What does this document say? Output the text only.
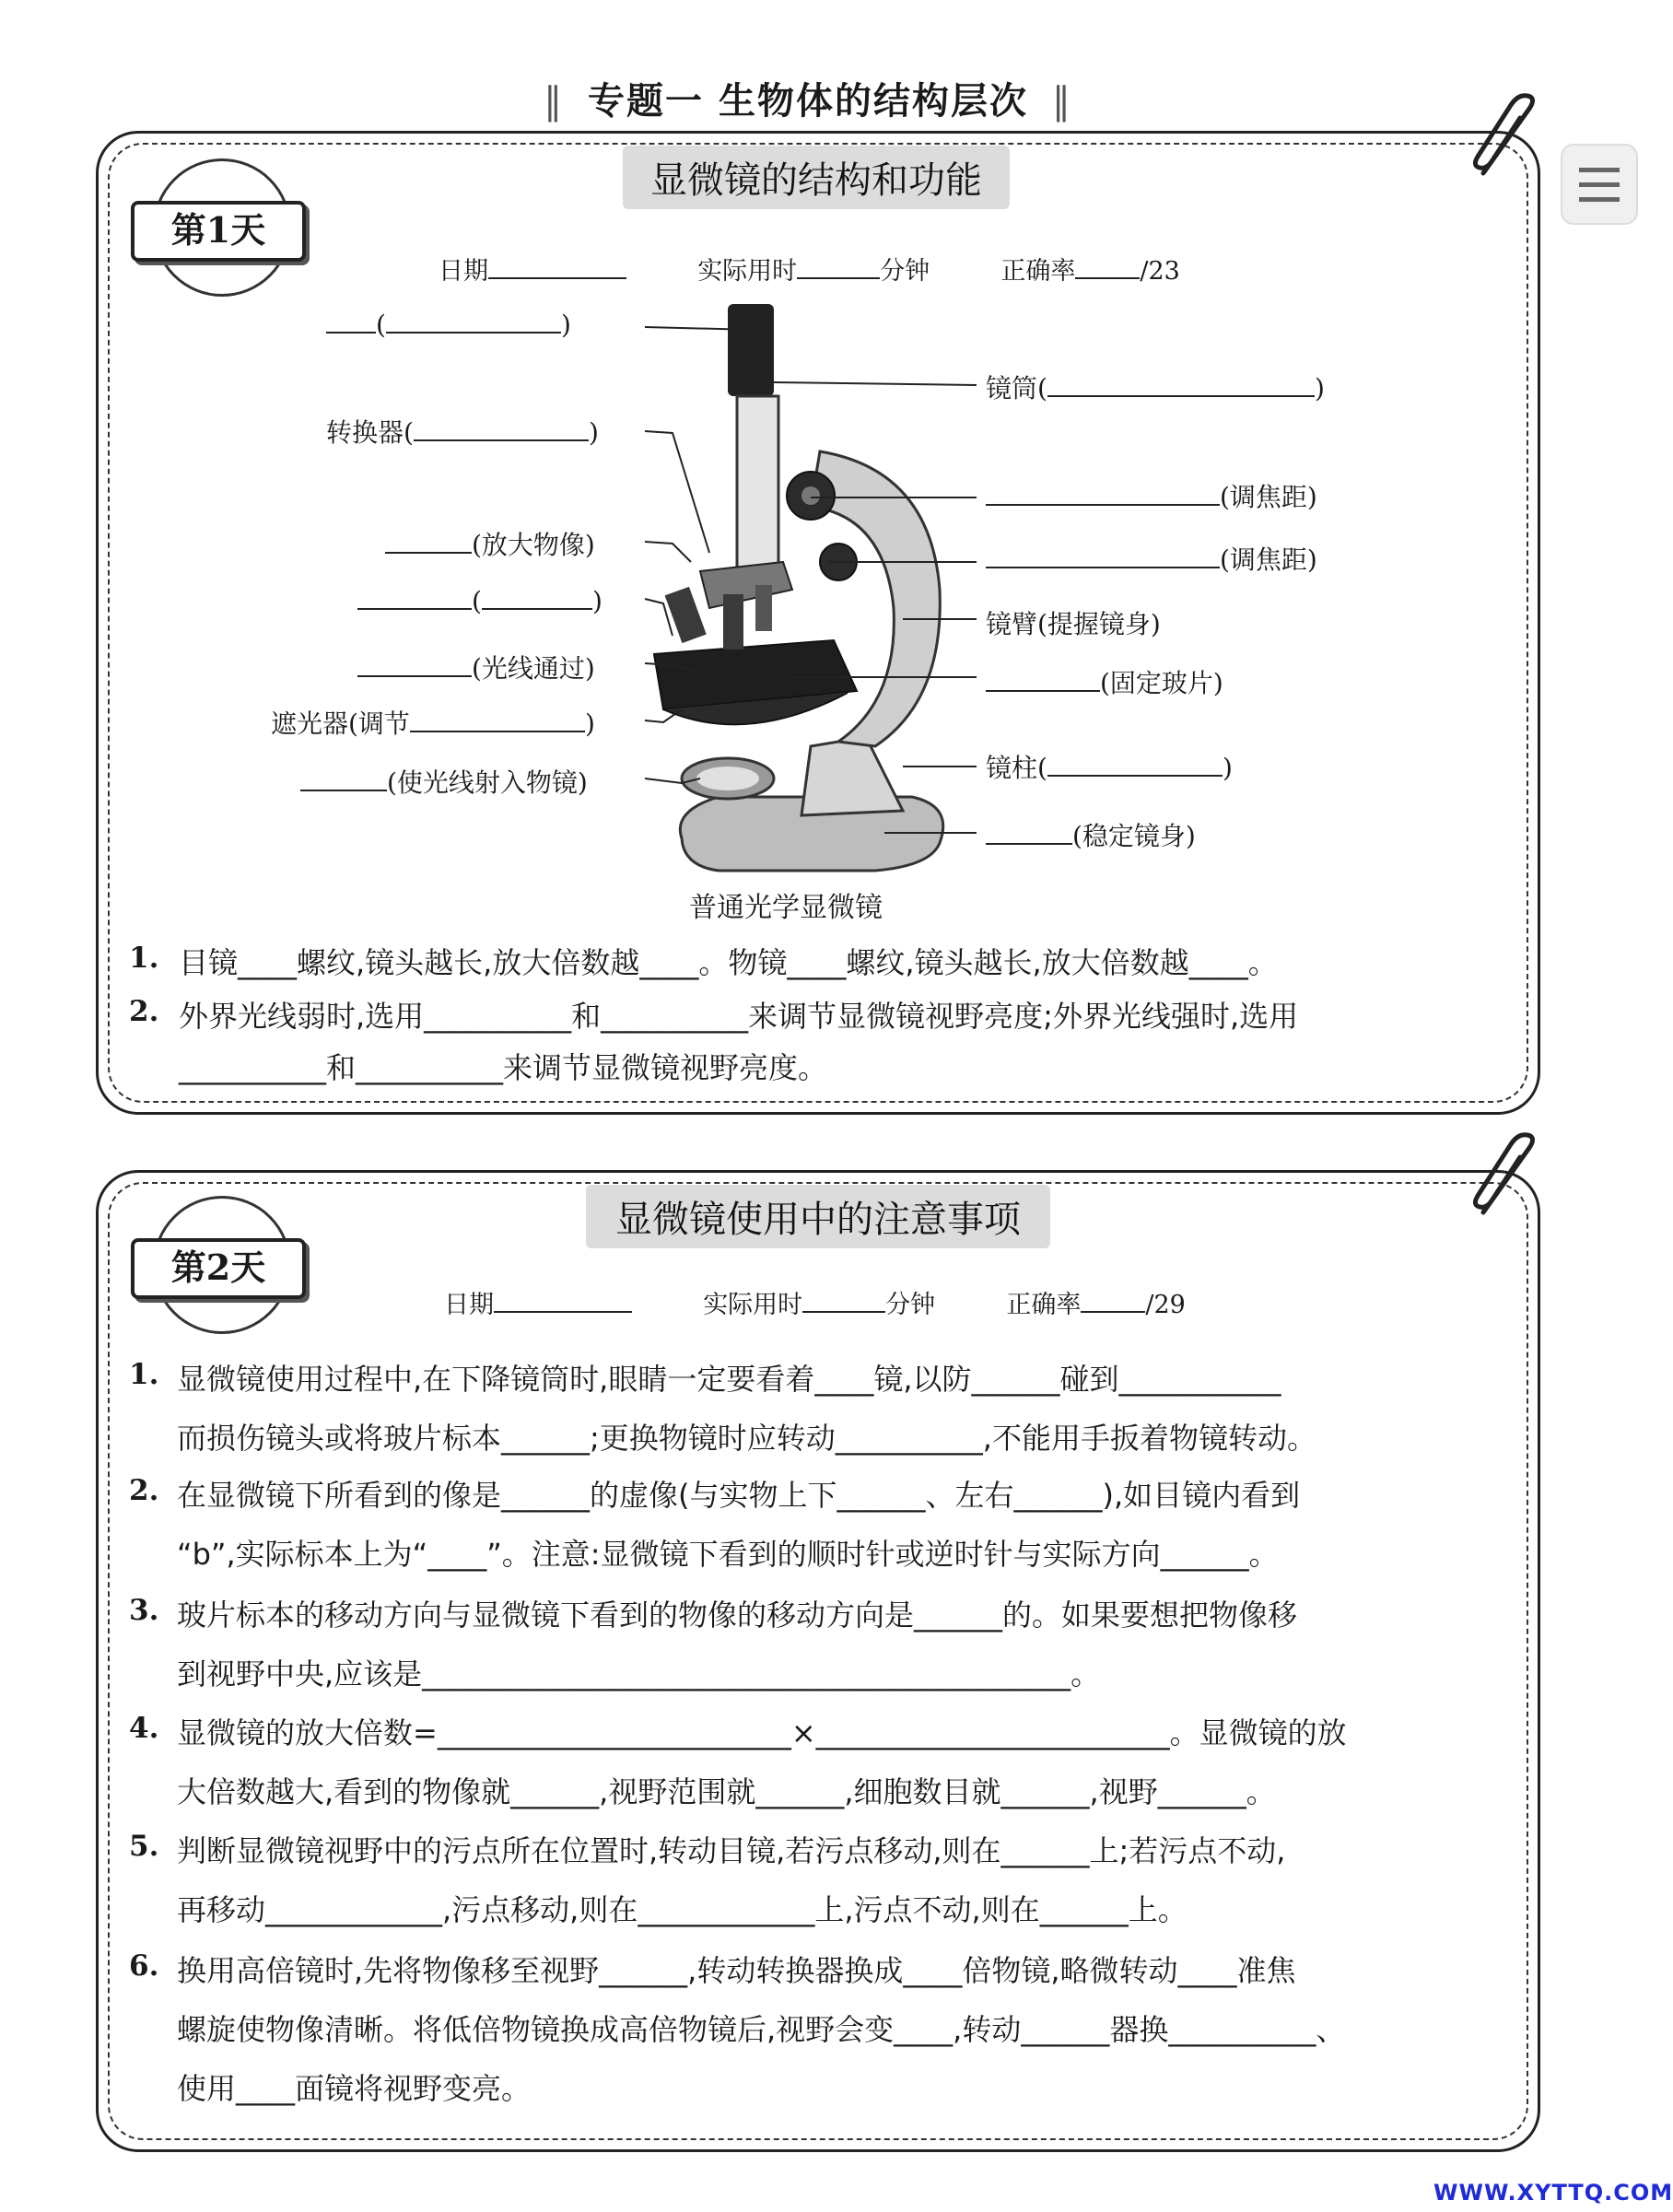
‖ 专题一 生物体的结构层次 ‖
第1天
显微镜的结构和功能
日期	实际用时	分钟	正确率	/23
(	)
转换器(	)
(放大物像)
(	)
(光线通过)
遮光器(调节	)
(使光线射入物镜)
镜筒(	)
(调焦距)
(调焦距)
镜臂(提握镜身)
(固定玻片)
镜柱(	)
(稳定镜身)
普通光学显微镜
1. 目镜____螺纹,镜头越长,放大倍数越____。物镜____螺纹,镜头越长,放大倍数越____。
2. 外界光线弱时,选用__________和__________来调节显微镜视野亮度;外界光线强时,选用
__________和__________来调节显微镜视野亮度。
第2天
显微镜使用中的注意事项
日期	实际用时	分钟	正确率	/29
1. 显微镜使用过程中,在下降镜筒时,眼睛一定要看着____镜,以防______碰到___________
而损伤镜头或将玻片标本______;更换物镜时应转动__________,不能用手扳着物镜转动。
2. 在显微镜下所看到的像是______的虚像(与实物上下______、左右______),如目镜内看到
“b”,实际标本上为“____”。注意:显微镜下看到的顺时针或逆时针与实际方向______。
3. 玻片标本的移动方向与显微镜下看到的物像的移动方向是______的。如果要想把物像移
到视野中央,应该是____________________________________________。
4. 显微镜的放大倍数=________________________×________________________。显微镜的放
大倍数越大,看到的物像就______,视野范围就______,细胞数目就______,视野______。
5. 判断显微镜视野中的污点所在位置时,转动目镜,若污点移动,则在______上;若污点不动,
再移动____________,污点移动,则在____________上,污点不动,则在______上。
6. 换用高倍镜时,先将物像移至视野______,转动转换器换成____倍物镜,略微转动____准焦
螺旋使物像清晰。将低倍物镜换成高倍物镜后,视野会变____,转动______器换__________、
使用____面镜将视野变亮。
WWW.XYTTQ.COM
